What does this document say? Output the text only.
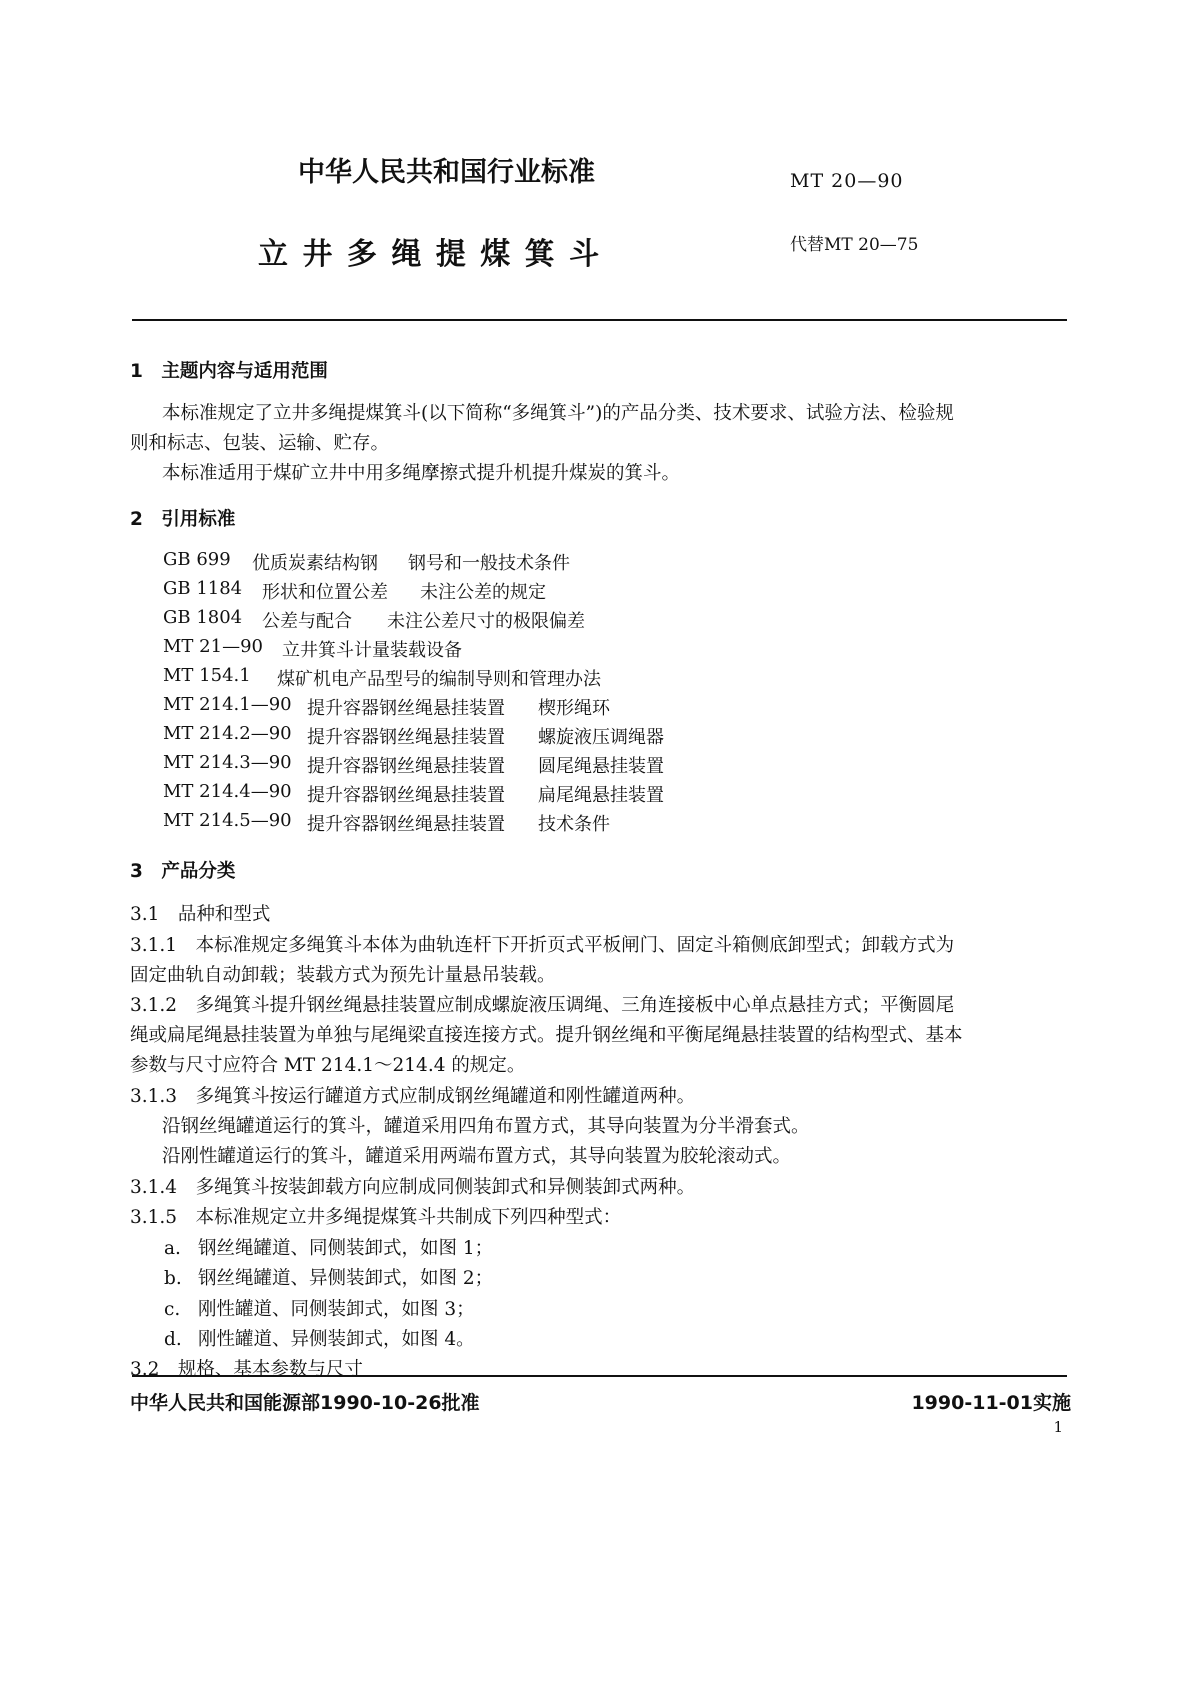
中华人民共和国行业标准	MT 20—90
立 井 多 绳 提 煤 箕 斗	代替MT 20—75
1　主题内容与适用范围
本标准规定了立井多绳提煤箕斗(以下简称“多绳箕斗”)的产品分类、技术要求、试验方法、检验规
则和标志、包装、运输、贮存。
本标准适用于煤矿立井中用多绳摩擦式提升机提升煤炭的箕斗。
2　引用标准
GB 699 优质炭素结构钢 钢号和一般技术条件
GB 1184 形状和位置公差 未注公差的规定
GB 1804 公差与配合 未注公差尺寸的极限偏差
MT 21—90 立井箕斗计量装载设备
MT 154.1 煤矿机电产品型号的编制导则和管理办法
MT 214.1—90 提升容器钢丝绳悬挂装置 楔形绳环
MT 214.2—90 提升容器钢丝绳悬挂装置 螺旋液压调绳器
MT 214.3—90 提升容器钢丝绳悬挂装置 圆尾绳悬挂装置
MT 214.4—90 提升容器钢丝绳悬挂装置 扁尾绳悬挂装置
MT 214.5—90 提升容器钢丝绳悬挂装置 技术条件
3　产品分类
3.1　品种和型式
3.1.1　本标准规定多绳箕斗本体为曲轨连杆下开折页式平板闸门、固定斗箱侧底卸型式；卸载方式为
固定曲轨自动卸载；装载方式为预先计量悬吊装载。
3.1.2　多绳箕斗提升钢丝绳悬挂装置应制成螺旋液压调绳、三角连接板中心单点悬挂方式；平衡圆尾
绳或扁尾绳悬挂装置为单独与尾绳梁直接连接方式。提升钢丝绳和平衡尾绳悬挂装置的结构型式、基本
参数与尺寸应符合 MT 214.1～214.4 的规定。
3.1.3　多绳箕斗按运行罐道方式应制成钢丝绳罐道和刚性罐道两种。
沿钢丝绳罐道运行的箕斗，罐道采用四角布置方式，其导向装置为分半滑套式。
沿刚性罐道运行的箕斗，罐道采用两端布置方式，其导向装置为胶轮滚动式。
3.1.4　多绳箕斗按装卸载方向应制成同侧装卸式和异侧装卸式两种。
3.1.5　本标准规定立井多绳提煤箕斗共制成下列四种型式：
a. 钢丝绳罐道、同侧装卸式，如图 1；
b. 钢丝绳罐道、异侧装卸式，如图 2；
c. 刚性罐道、同侧装卸式，如图 3；
d. 刚性罐道、异侧装卸式，如图 4。
3.2　规格、基本参数与尺寸
中华人民共和国能源部1990-10-26批准	1990-11-01实施
1
